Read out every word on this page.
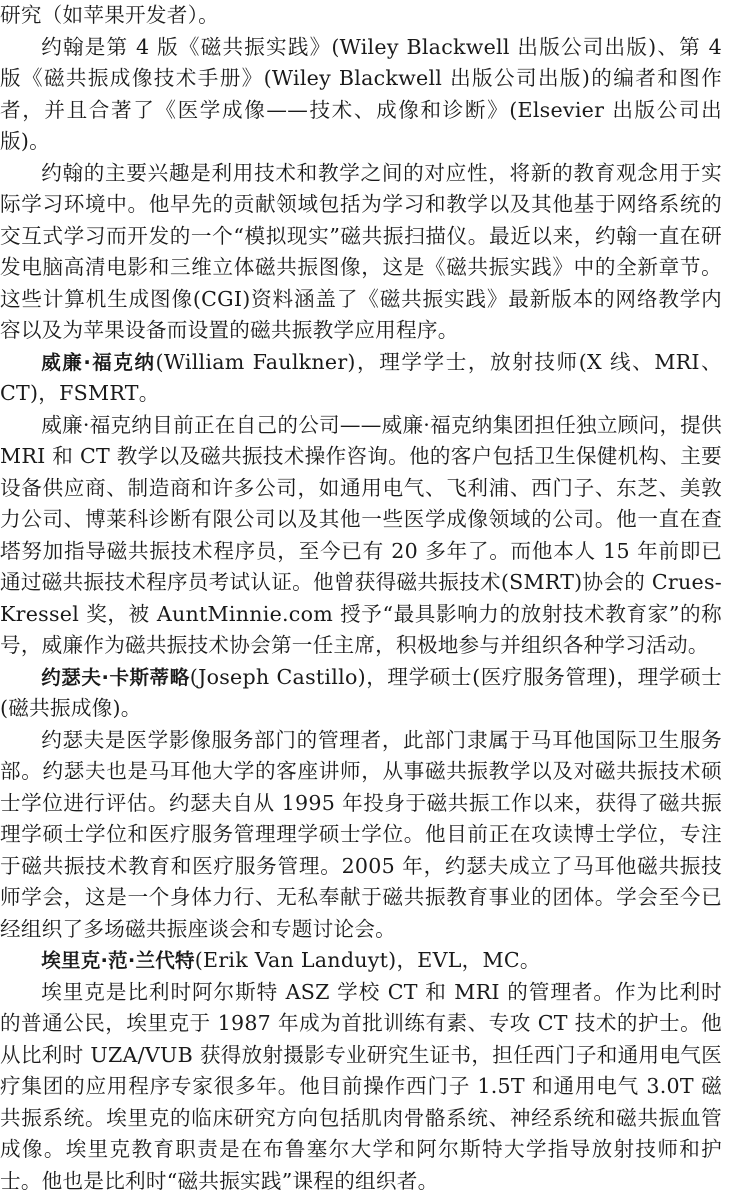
研究（如苹果开发者）。

约翰是第 4 版《磁共振实践》(Wiley Blackwell 出版公司出版)、第 4 版《磁共振成像技术手册》(Wiley Blackwell 出版公司出版)的编者和图作者，并且合著了《医学成像——技术、成像和诊断》(Elsevier 出版公司出版)。

约翰的主要兴趣是利用技术和教学之间的对应性，将新的教育观念用于实际学习环境中。他早先的贡献领域包括为学习和教学以及其他基于网络系统的交互式学习而开发的一个“模拟现实”磁共振扫描仪。最近以来，约翰一直在研发电脑高清电影和三维立体磁共振图像，这是《磁共振实践》中的全新章节。这些计算机生成图像(CGI)资料涵盖了《磁共振实践》最新版本的网络教学内容以及为苹果设备而设置的磁共振教学应用程序。

威廉·福克纳(William Faulkner)，理学学士，放射技师(X 线、MRI、CT)，FSMRT。

威廉·福克纳目前正在自己的公司——威廉·福克纳集团担任独立顾问，提供 MRI 和 CT 教学以及磁共振技术操作咨询。他的客户包括卫生保健机构、主要设备供应商、制造商和许多公司，如通用电气、飞利浦、西门子、东芝、美敦力公司、博莱科诊断有限公司以及其他一些医学成像领域的公司。他一直在查塔努加指导磁共振技术程序员，至今已有 20 多年了。而他本人 15 年前即已通过磁共振技术程序员考试认证。他曾获得磁共振技术(SMRT)协会的 Crues-Kressel 奖，被 AuntMinnie.com 授予“最具影响力的放射技术教育家”的称号，威廉作为磁共振技术协会第一任主席，积极地参与并组织各种学习活动。

约瑟夫·卡斯蒂略(Joseph Castillo)，理学硕士(医疗服务管理)，理学硕士(磁共振成像)。

约瑟夫是医学影像服务部门的管理者，此部门隶属于马耳他国际卫生服务部。约瑟夫也是马耳他大学的客座讲师，从事磁共振教学以及对磁共振技术硕士学位进行评估。约瑟夫自从 1995 年投身于磁共振工作以来，获得了磁共振理学硕士学位和医疗服务管理理学硕士学位。他目前正在攻读博士学位，专注于磁共振技术教育和医疗服务管理。2005 年，约瑟夫成立了马耳他磁共振技师学会，这是一个身体力行、无私奉献于磁共振教育事业的团体。学会至今已经组织了多场磁共振座谈会和专题讨论会。

埃里克·范·兰代特(Erik Van Landuyt)，EVL，MC。

埃里克是比利时阿尔斯特 ASZ 学校 CT 和 MRI 的管理者。作为比利时的普通公民，埃里克于 1987 年成为首批训练有素、专攻 CT 技术的护士。他从比利时 UZA/VUB 获得放射摄影专业研究生证书，担任西门子和通用电气医疗集团的应用程序专家很多年。他目前操作西门子 1.5T 和通用电气 3.0T 磁共振系统。埃里克的临床研究方向包括肌肉骨骼系统、神经系统和磁共振血管成像。埃里克教育职责是在布鲁塞尔大学和阿尔斯特大学指导放射技师和护士。他也是比利时“磁共振实践”课程的组织者。
